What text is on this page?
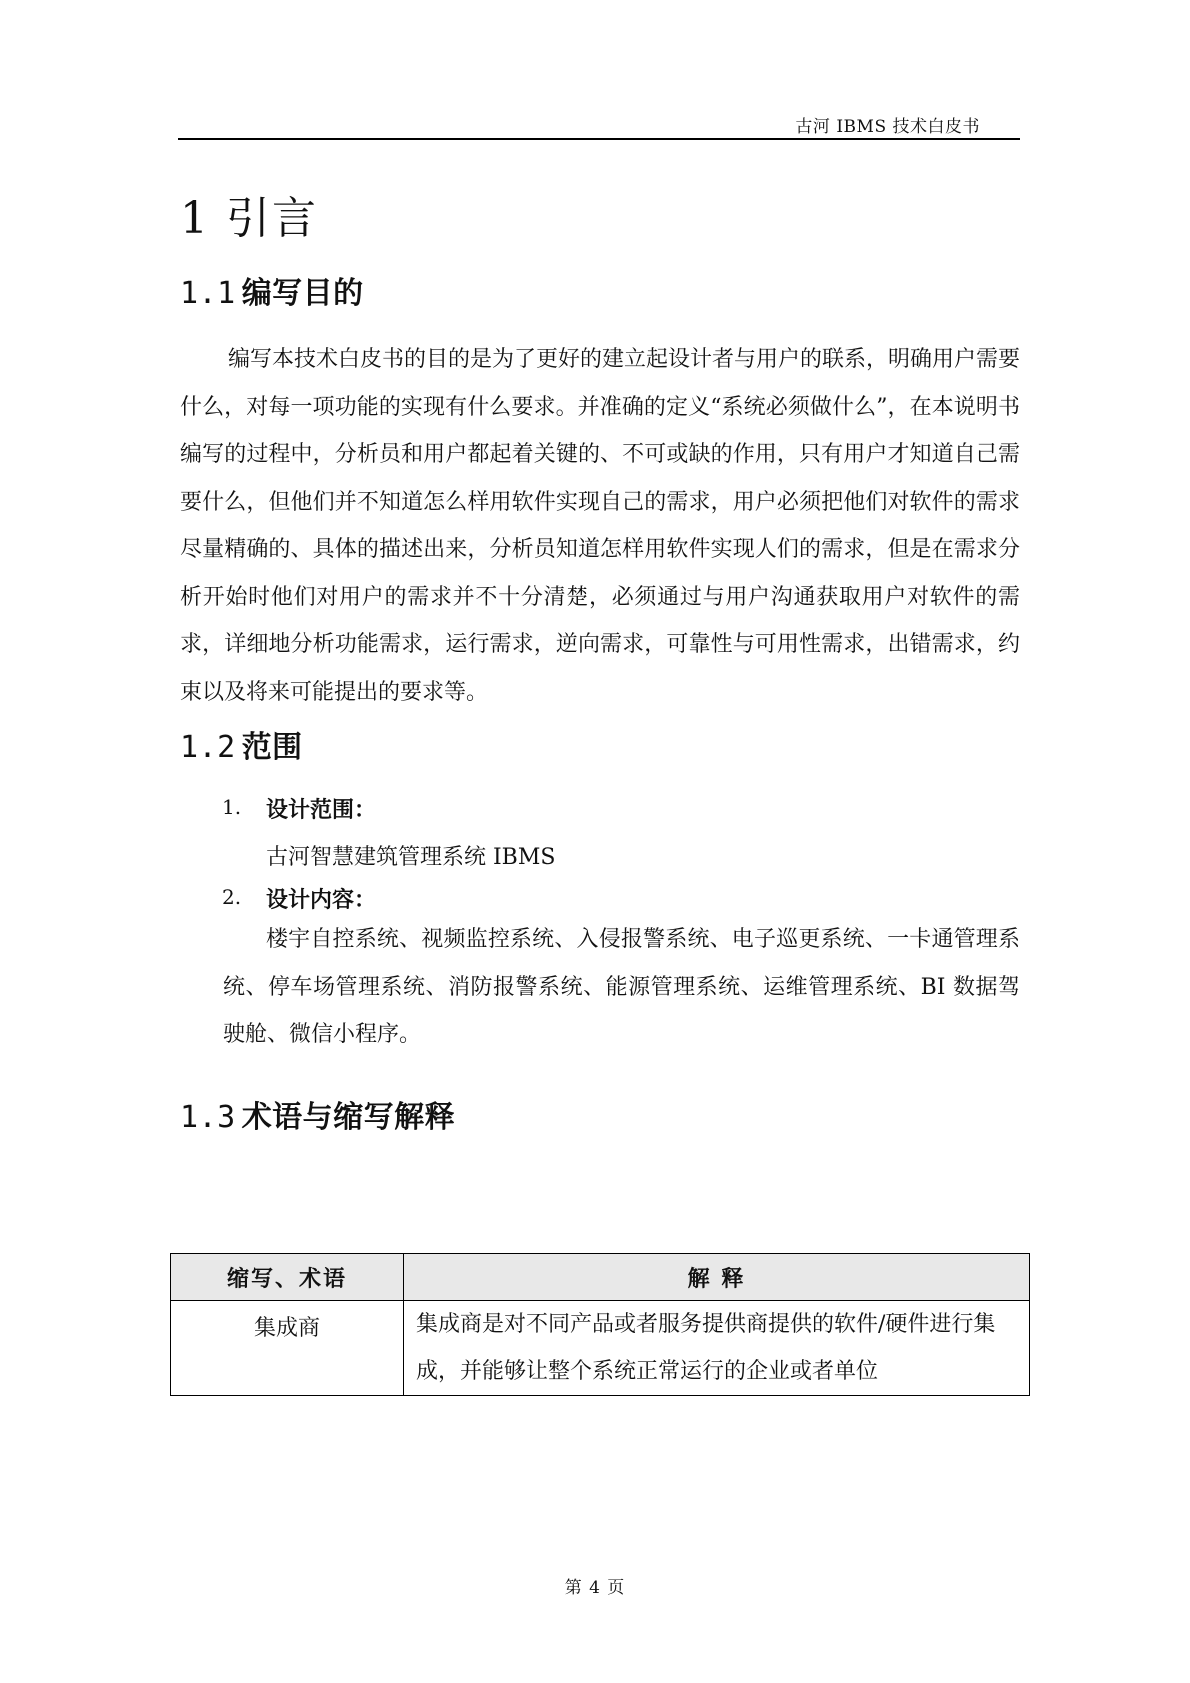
古河 IBMS 技术白皮书
1 引言
1.1 编写目的

编写本技术白皮书的目的是为了更好的建立起设计者与用户的联系，明确用户需要什么，对每一项功能的实现有什么要求。并准确的定义“系统必须做什么”，在本说明书编写的过程中，分析员和用户都起着关键的、不可或缺的作用，只有用户才知道自己需要什么，但他们并不知道怎么样用软件实现自己的需求，用户必须把他们对软件的需求尽量精确的、具体的描述出来，分析员知道怎样用软件实现人们的需求，但是在需求分析开始时他们对用户的需求并不十分清楚，必须通过与用户沟通获取用户对软件的需求，详细地分析功能需求，运行需求，逆向需求，可靠性与可用性需求，出错需求，约束以及将来可能提出的要求等。

1.2 范围
1. 设计范围：
古河智慧建筑管理系统 IBMS
2. 设计内容：

楼宇自控系统、视频监控系统、入侵报警系统、电子巡更系统、一卡通管理系统、停车场管理系统、消防报警系统、能源管理系统、运维管理系统、BI 数据驾驶舱、微信小程序。

1.3 术语与缩写解释
缩写、术语	解 释
集成商	集成商是对不同产品或者服务提供商提供的软件/硬件进行集成，并能够让整个系统正常运行的企业或者单位
第 4 页
